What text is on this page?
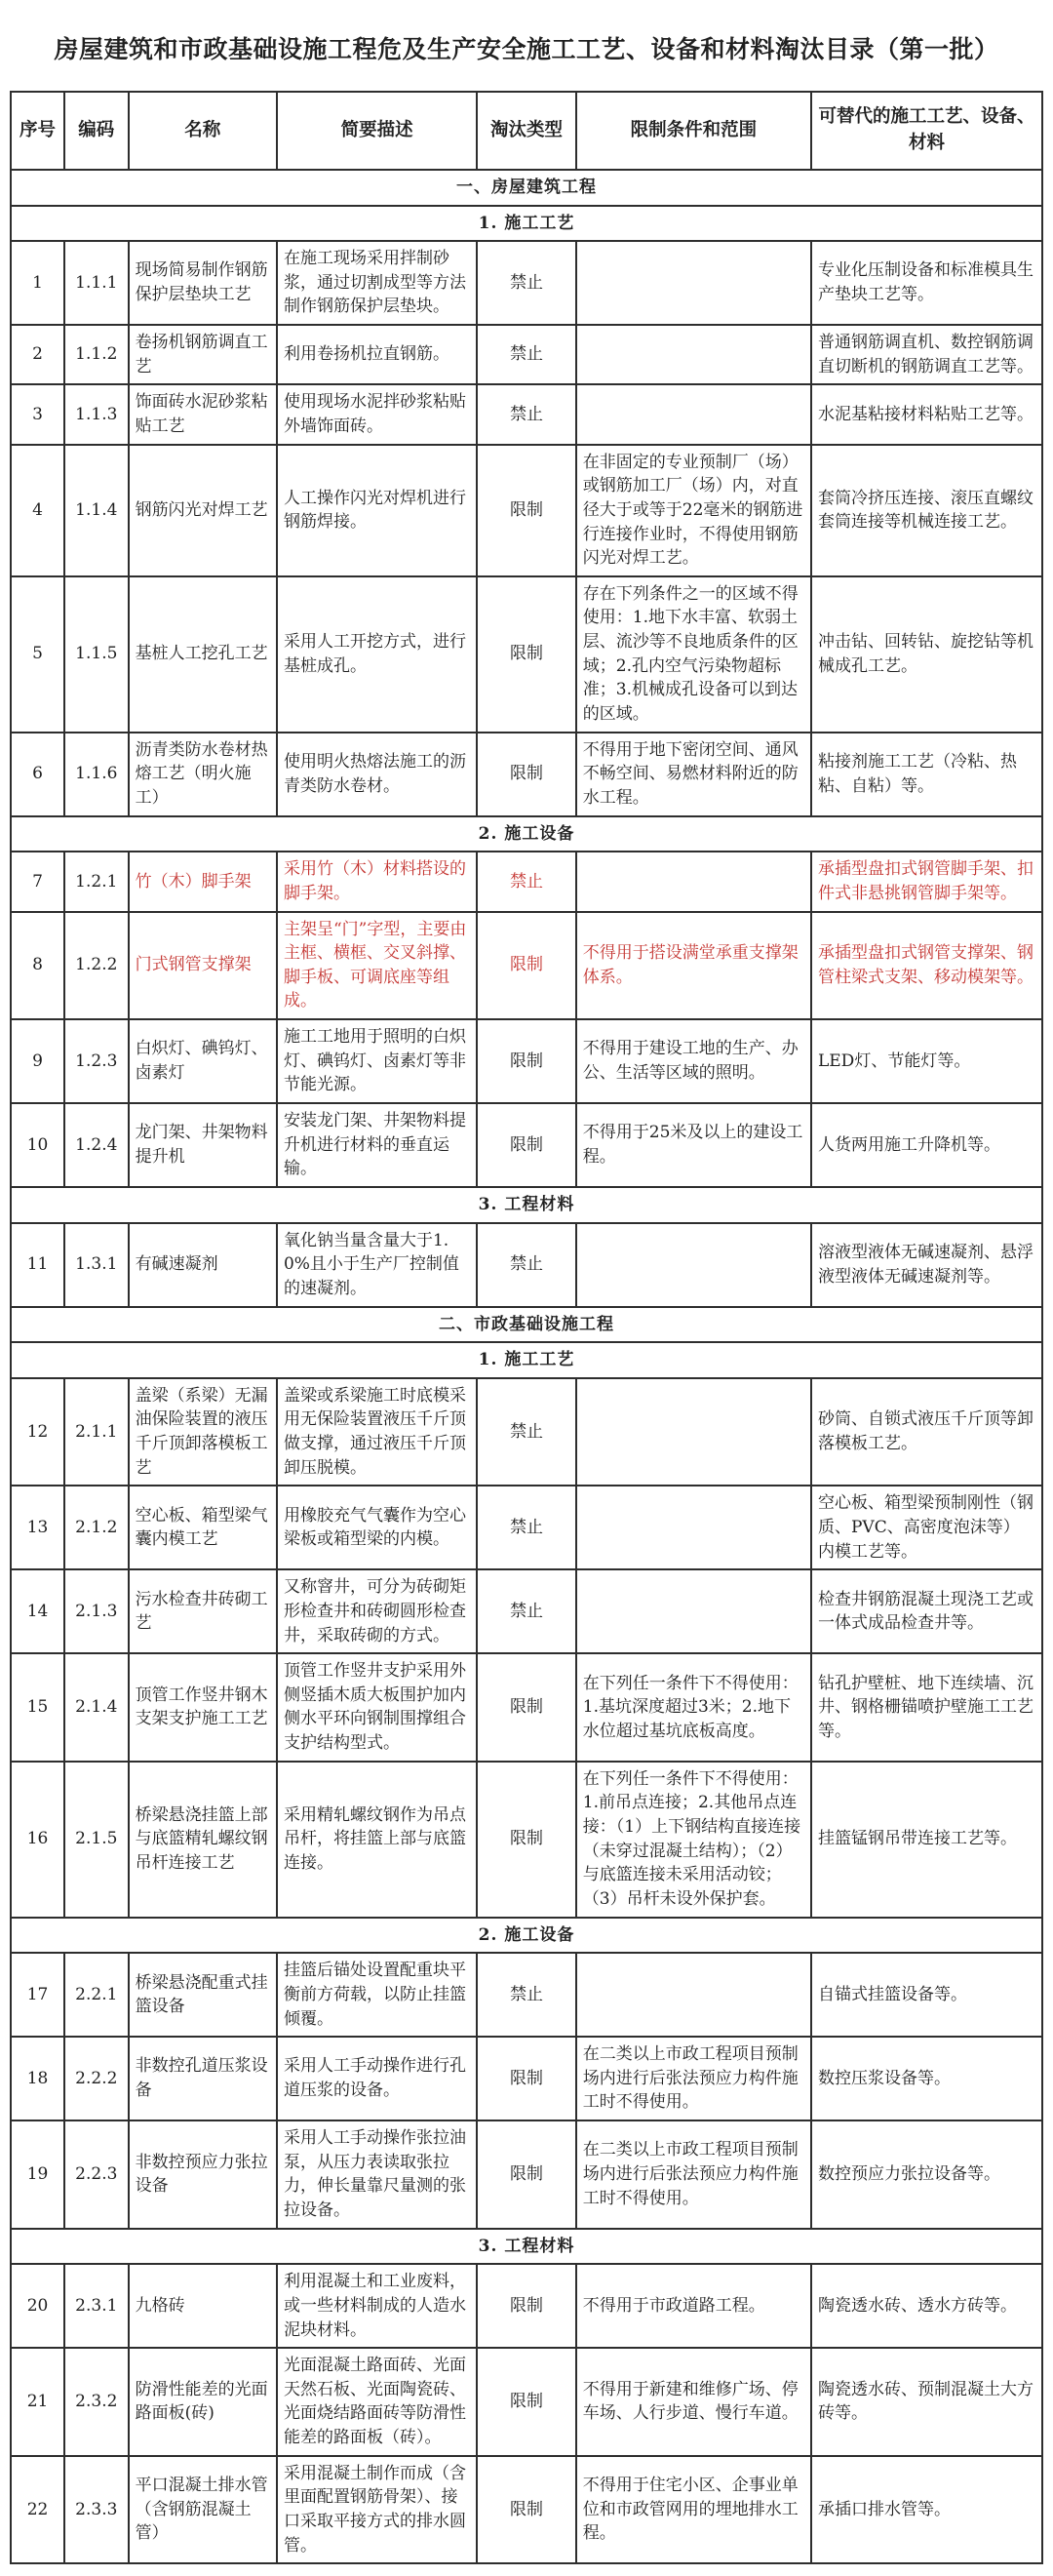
房屋建筑和市政基础设施工程危及生产安全施工工艺、设备和材料淘汰目录（第一批）
序号	编码	名称	简要描述	淘汰类型	限制条件和范围	可替代的施工工艺、设备、材料
一、房屋建筑工程						
1. 施工工艺						
1	1.1.1	现场简易制作钢筋保护层垫块工艺	在施工现场采用拌制砂浆，通过切割成型等方法制作钢筋保护层垫块。	禁止		专业化压制设备和标准模具生产垫块工艺等。
2	1.1.2	卷扬机钢筋调直工艺	利用卷扬机拉直钢筋。	禁止		普通钢筋调直机、数控钢筋调直切断机的钢筋调直工艺等。
3	1.1.3	饰面砖水泥砂浆粘贴工艺	使用现场水泥拌砂浆粘贴外墙饰面砖。	禁止		水泥基粘接材料粘贴工艺等。
4	1.1.4	钢筋闪光对焊工艺	人工操作闪光对焊机进行钢筋焊接。	限制	在非固定的专业预制厂（场）或钢筋加工厂（场）内，对直径大于或等于22毫米的钢筋进行连接作业时，不得使用钢筋闪光对焊工艺。	套筒冷挤压连接、滚压直螺纹套筒连接等机械连接工艺。
5	1.1.5	基桩人工挖孔工艺	采用人工开挖方式，进行基桩成孔。	限制	存在下列条件之一的区域不得使用：1.地下水丰富、软弱土层、流沙等不良地质条件的区域；2.孔内空气污染物超标准；3.机械成孔设备可以到达的区域。	冲击钻、回转钻、旋挖钻等机械成孔工艺。
6	1.1.6	沥青类防水卷材热熔工艺（明火施工）	使用明火热熔法施工的沥青类防水卷材。	限制	不得用于地下密闭空间、通风不畅空间、易燃材料附近的防水工程。	粘接剂施工工艺（冷粘、热粘、自粘）等。
2. 施工设备						
7	1.2.1	竹（木）脚手架	采用竹（木）材料搭设的脚手架。	禁止		承插型盘扣式钢管脚手架、扣件式非悬挑钢管脚手架等。
8	1.2.2	门式钢管支撑架	主架呈“门”字型，主要由主框、横框、交叉斜撑、脚手板、可调底座等组成。	限制	不得用于搭设满堂承重支撑架体系。	承插型盘扣式钢管支撑架、钢管柱梁式支架、移动模架等。
9	1.2.3	白炽灯、碘钨灯、卤素灯	施工工地用于照明的白炽灯、碘钨灯、卤素灯等非节能光源。	限制	不得用于建设工地的生产、办公、生活等区域的照明。	LED灯、节能灯等。
10	1.2.4	龙门架、井架物料提升机	安装龙门架、井架物料提升机进行材料的垂直运输。	限制	不得用于25米及以上的建设工程。	人货两用施工升降机等。
3. 工程材料						
11	1.3.1	有碱速凝剂	氧化钠当量含量大于1.0%且小于生产厂控制值的速凝剂。	禁止		溶液型液体无碱速凝剂、悬浮液型液体无碱速凝剂等。
二、市政基础设施工程						
1. 施工工艺						
12	2.1.1	盖梁（系梁）无漏油保险装置的液压千斤顶卸落模板工艺	盖梁或系梁施工时底模采用无保险装置液压千斤顶做支撑，通过液压千斤顶卸压脱模。	禁止		砂筒、自锁式液压千斤顶等卸落模板工艺。
13	2.1.2	空心板、箱型梁气囊内模工艺	用橡胶充气气囊作为空心梁板或箱型梁的内模。	禁止		空心板、箱型梁预制刚性（钢质、PVC、高密度泡沫等）内模工艺等。
14	2.1.3	污水检查井砖砌工艺	又称窨井，可分为砖砌矩形检查井和砖砌圆形检查井，采取砖砌的方式。	禁止		检查井钢筋混凝土现浇工艺或一体式成品检查井等。
15	2.1.4	顶管工作竖井钢木支架支护施工工艺	顶管工作竖井支护采用外侧竖插木质大板围护加内侧水平环向钢制围撑组合支护结构型式。	限制	在下列任一条件下不得使用：1.基坑深度超过3米；2.地下水位超过基坑底板高度。	钻孔护壁桩、地下连续墙、沉井、钢格栅锚喷护壁施工工艺等。
16	2.1.5	桥梁悬浇挂篮上部与底篮精轧螺纹钢吊杆连接工艺	采用精轧螺纹钢作为吊点吊杆，将挂篮上部与底篮连接。	限制	在下列任一条件下不得使用：1.前吊点连接；2.其他吊点连接：（1）上下钢结构直接连接（未穿过混凝土结构）；（2）与底篮连接未采用活动铰；（3）吊杆未设外保护套。	挂篮锰钢吊带连接工艺等。
2. 施工设备						
17	2.2.1	桥梁悬浇配重式挂篮设备	挂篮后锚处设置配重块平衡前方荷载，以防止挂篮倾覆。	禁止		自锚式挂篮设备等。
18	2.2.2	非数控孔道压浆设备	采用人工手动操作进行孔道压浆的设备。	限制	在二类以上市政工程项目预制场内进行后张法预应力构件施工时不得使用。	数控压浆设备等。
19	2.2.3	非数控预应力张拉设备	采用人工手动操作张拉油泵，从压力表读取张拉力，伸长量靠尺量测的张拉设备。	限制	在二类以上市政工程项目预制场内进行后张法预应力构件施工时不得使用。	数控预应力张拉设备等。
3. 工程材料						
20	2.3.1	九格砖	利用混凝土和工业废料，或一些材料制成的人造水泥块材料。	限制	不得用于市政道路工程。	陶瓷透水砖、透水方砖等。
21	2.3.2	防滑性能差的光面路面板(砖)	光面混凝土路面砖、光面天然石板、光面陶瓷砖、光面烧结路面砖等防滑性能差的路面板（砖）。	限制	不得用于新建和维修广场、停车场、人行步道、慢行车道。	陶瓷透水砖、预制混凝土大方砖等。
22	2.3.3	平口混凝土排水管（含钢筋混凝土管）	采用混凝土制作而成（含里面配置钢筋骨架）、接口采取平接方式的排水圆管。	限制	不得用于住宅小区、企事业单位和市政管网用的埋地排水工程。	承插口排水管等。
